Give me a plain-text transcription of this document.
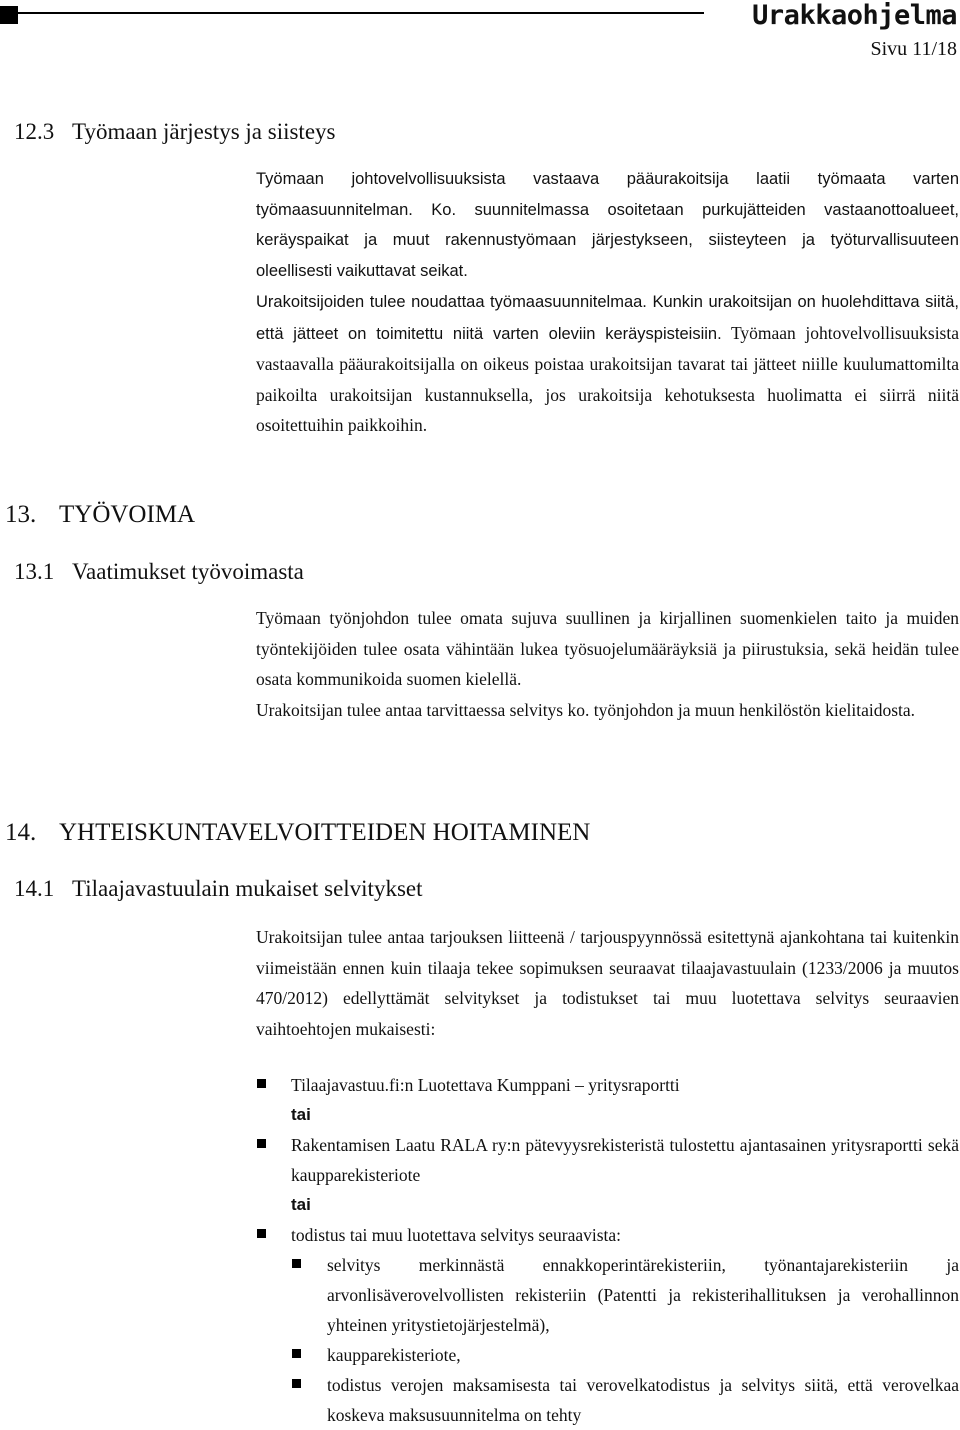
Urakkaohjelma
Sivu 11/18
12.3 Työmaan järjestys ja siisteys

Työmaan johtovelvollisuuksista vastaava pääurakoitsija laatii työmaata varten työmaasuunnitelman. Ko. suunnitelmassa osoitetaan purkujätteiden vastaanottoalueet, keräyspaikat ja muut rakennustyömaan järjestykseen, siisteyteen ja työturvallisuuteen oleellisesti vaikuttavat seikat.

Urakoitsijoiden tulee noudattaa työmaasuunnitelmaa. Kunkin urakoitsijan on huolehdittava siitä, että jätteet on toimitettu niitä varten oleviin keräyspisteisiin. Työmaan johtovelvollisuuksista vastaavalla pääurakoitsijalla on oikeus poistaa urakoitsijan tavarat tai jätteet niille kuulumattomilta paikoilta urakoitsijan kustannuksella, jos urakoitsija kehotuksesta huolimatta ei siirrä niitä osoitettuihin paikkoihin.

13. TYÖVOIMA
13.1 Vaatimukset työvoimasta

Työmaan työnjohdon tulee omata sujuva suullinen ja kirjallinen suomenkielen taito ja muiden työntekijöiden tulee osata vähintään lukea työsuojelumääräyksiä ja piirustuksia, sekä heidän tulee osata kommunikoida suomen kielellä.

Urakoitsijan tulee antaa tarvittaessa selvitys ko. työnjohdon ja muun henkilöstön kielitaidosta.

14. YHTEISKUNTAVELVOITTEIDEN HOITAMINEN
14.1 Tilaajavastuulain mukaiset selvitykset

Urakoitsijan tulee antaa tarjouksen liitteenä / tarjouspyynnössä esitettynä ajankohtana tai kuitenkin viimeistään ennen kuin tilaaja tekee sopimuksen seuraavat tilaajavastuulain (1233/2006 ja muutos 470/2012) edellyttämät selvitykset ja todistukset tai muu luotettava selvitys seuraavien vaihtoehtojen mukaisesti:

Tilaajavastuu.fi:n Luotettava Kumppani – yritysraportti
tai
Rakentamisen Laatu RALA ry:n pätevyysrekisteristä tulostettu ajantasainen yritysraportti sekä kaupparekisteriote
tai
todistus tai muu luotettava selvitys seuraavista:
selvitys merkinnästä ennakkoperintärekisteriin, työnantajarekisteriin ja arvonlisäverovelvollisten rekisteriin (Patentti ja rekisterihallituksen ja verohallinnon yhteinen yritystietojärjestelmä),
kaupparekisteriote,
todistus verojen maksamisesta tai verovelkatodistus ja selvitys siitä, että verovelkaa koskeva maksusuunnitelma on tehty
